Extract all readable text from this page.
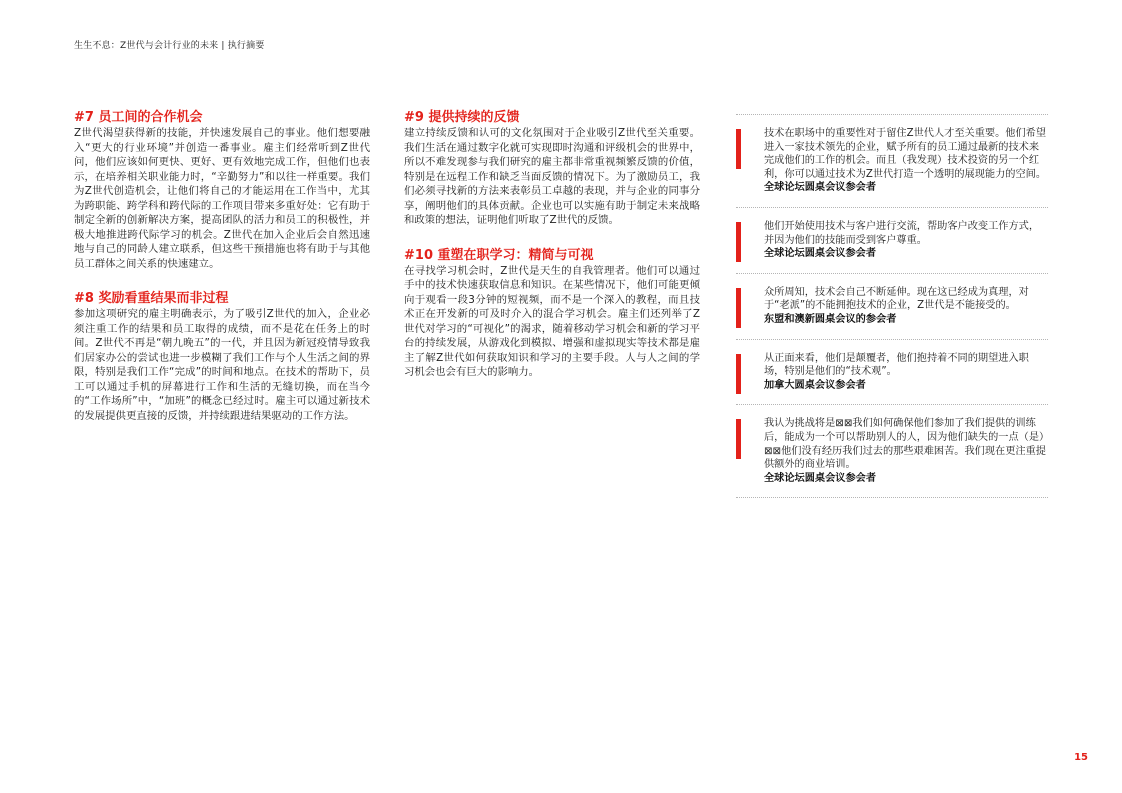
生生不息：Z世代与会计行业的未来 | 执行摘要
#7 员工间的合作机会

Z世代渴望获得新的技能，并快速发展自己的事业。他们想要融入“更大的行业环境”并创造一番事业。雇主们经常听到Z世代问，他们应该如何更快、更好、更有效地完成工作，但他们也表示，在培养相关职业能力时，“辛勤努力”和以往一样重要。我们为Z世代创造机会，让他们将自己的才能运用在工作当中，尤其为跨职能、跨学科和跨代际的工作项目带来多重好处：它有助于制定全新的创新解决方案，提高团队的活力和员工的积极性，并极大地推进跨代际学习的机会。Z世代在加入企业后会自然迅速地与自己的同龄人建立联系，但这些干预措施也将有助于与其他员工群体之间关系的快速建立。

#8 奖励看重结果而非过程

参加这项研究的雇主明确表示，为了吸引Z世代的加入，企业必须注重工作的结果和员工取得的成绩，而不是花在任务上的时间。Z世代不再是“朝九晚五”的一代，并且因为新冠疫情导致我们居家办公的尝试也进一步模糊了我们工作与个人生活之间的界限，特别是我们工作“完成”的时间和地点。在技术的帮助下，员工可以通过手机的屏幕进行工作和生活的无缝切换，而在当今的“工作场所”中，“加班”的概念已经过时。雇主可以通过新技术的发展提供更直接的反馈，并持续跟进结果驱动的工作方法。

#9 提供持续的反馈

建立持续反馈和认可的文化氛围对于企业吸引Z世代至关重要。我们生活在通过数字化就可实现即时沟通和评级机会的世界中，所以不难发现参与我们研究的雇主都非常重视频繁反馈的价值，特别是在远程工作和缺乏当面反馈的情况下。为了激励员工，我们必须寻找新的方法来表彰员工卓越的表现，并与企业的同事分享，阐明他们的具体贡献。企业也可以实施有助于制定未来战略和政策的想法，证明他们听取了Z世代的反馈。

#10 重塑在职学习：精简与可视

在寻找学习机会时，Z世代是天生的自我管理者。他们可以通过手中的技术快速获取信息和知识。在某些情况下，他们可能更倾向于观看一段3分钟的短视频，而不是一个深入的教程，而且技术正在开发新的可及时介入的混合学习机会。雇主们还列举了Z世代对学习的“可视化”的渴求，随着移动学习机会和新的学习平台的持续发展，从游戏化到模拟、增强和虚拟现实等技术都是雇主了解Z世代如何获取知识和学习的主要手段。人与人之间的学习机会也会有巨大的影响力。

技术在职场中的重要性对于留住Z世代人才至关重要。他们希望进入一家技术领先的企业，赋予所有的员工通过最新的技术来完成他们的工作的机会。而且（我发现）技术投资的另一个红利，你可以通过技术为Z世代打造一个透明的展现能力的空间。

全球论坛圆桌会议参会者

他们开始使用技术与客户进行交流，帮助客户改变工作方式，并因为他们的技能而受到客户尊重。

全球论坛圆桌会议参会者

众所周知，技术会自己不断延伸。现在这已经成为真理，对于“老派”的不能拥抱技术的企业，Z世代是不能接受的。

东盟和澳新圆桌会议的参会者

从正面来看，他们是颠覆者，他们抱持着不同的期望进入职场，特别是他们的“技术观”。

加拿大圆桌会议参会者

我认为挑战将是⊠⊠我们如何确保他们参加了我们提供的训练后，能成为一个可以帮助别人的人，因为他们缺失的一点（是）⊠⊠他们没有经历我们过去的那些艰难困苦。我们现在更注重提供额外的商业培训。

全球论坛圆桌会议参会者

15
